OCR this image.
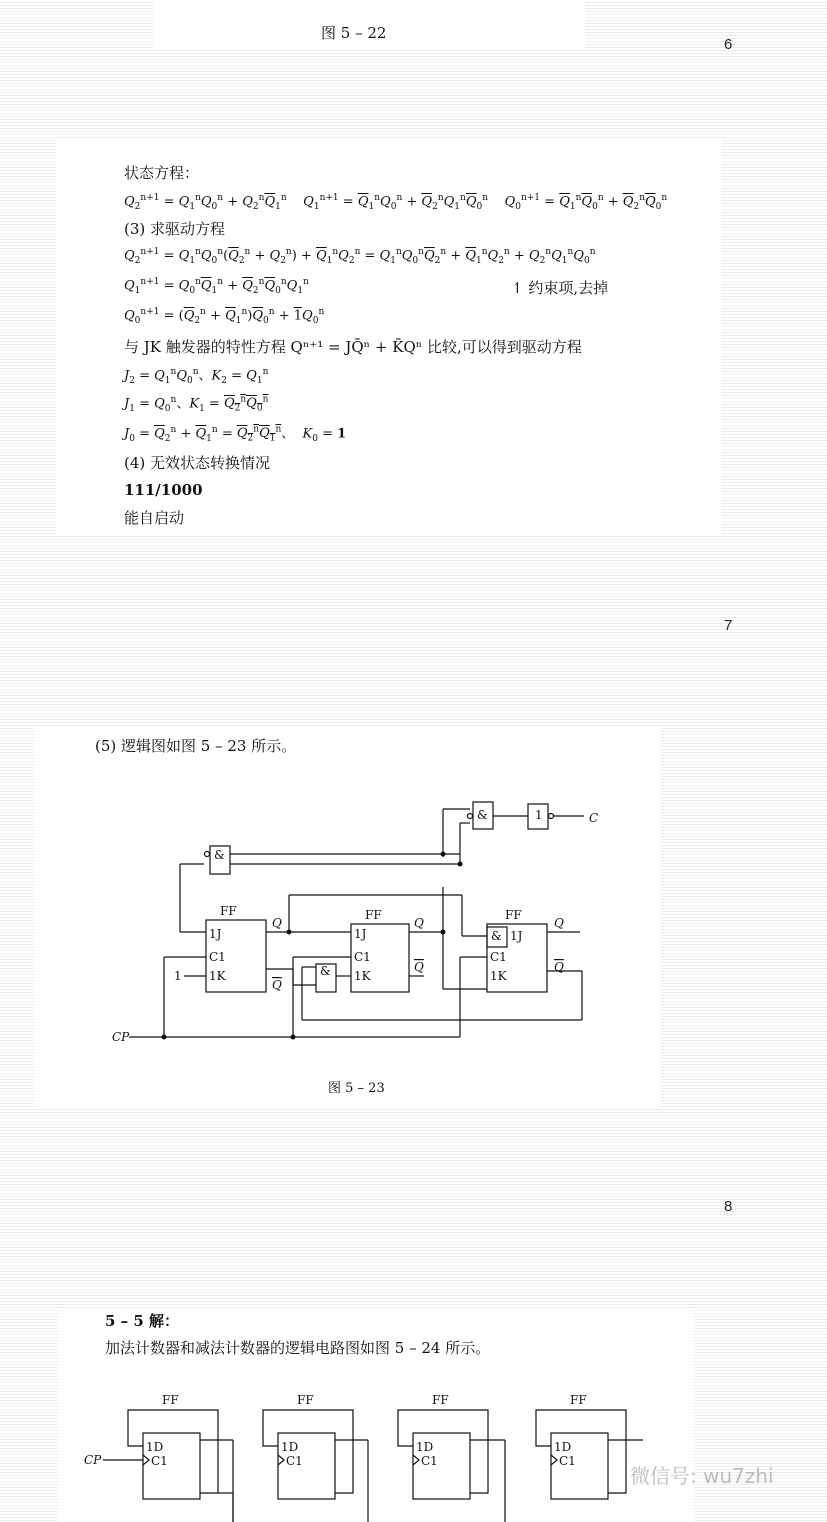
图 5 – 22
6
状态方程：
$Q_2^{n+1} = Q_1^nQ_0^n + Q_2^n\overline{Q}_1^n$ $Q_1^{n+1} = \overline{Q}_1^nQ_0^n + \overline{Q}_2^nQ_1^n\overline{Q}_0^n$ $Q_0^{n+1} = \overline{Q}_1^n\overline{Q}_0^n + \overline{Q}_2^n\overline{Q}_0^n$
(3) 求驱动方程
$Q_2^{n+1} = Q_1^nQ_0^n(\overline{Q}_2^n + Q_2^n) + \overline{Q}_1^nQ_2^n = Q_1^nQ_0^n\overline{Q}_2^n + \overline{Q}_1^nQ_2^n + Q_2^nQ_1^nQ_0^n$
$Q_1^{n+1} = Q_0^n\overline{Q}_1^n + \overline{Q}_2^n\overline{Q}_0^nQ_1^n$	↿ 约束项,去掉
$Q_0^{n+1} = (\overline{Q}_2^n + \overline{Q}_1^n)\overline{Q}_0^n + 1Q_0^n$
与 JK 触发器的特性方程 Qⁿ⁺¹ = JQ̄ⁿ + K̄Qⁿ 比较,可以得到驱动方程
$J_2 = Q_1^nQ_0^n$、$K_2 = Q_1^n$
$J_1 = Q_0^n$、$K_1 = Q_2^nQ_0^n$
$J_0 = \overline{Q}_2^n + \overline{Q}_1^n = Q_2^nQ_1^n$、  $K_0 = 1$
(4) 无效状态转换情况
111/1000
能自启动
7
(5) 逻辑图如图 5 – 23 所示。
&	1	C
&
FF	FF	FF
1J
C1
1K
1J
C1
1K
1J
&
C1
1K
&
Q	Q	Q
Q
Q	Q
CP
1
图 5 – 23
8
5 – 5 解：
加法计数器和减法计数器的逻辑电路图如图 5 – 24 所示。
FF	FF	FF	FF
1D	1D	1D	1D
C1	C1	C1	C1
CP
微信号: wu7zhi
